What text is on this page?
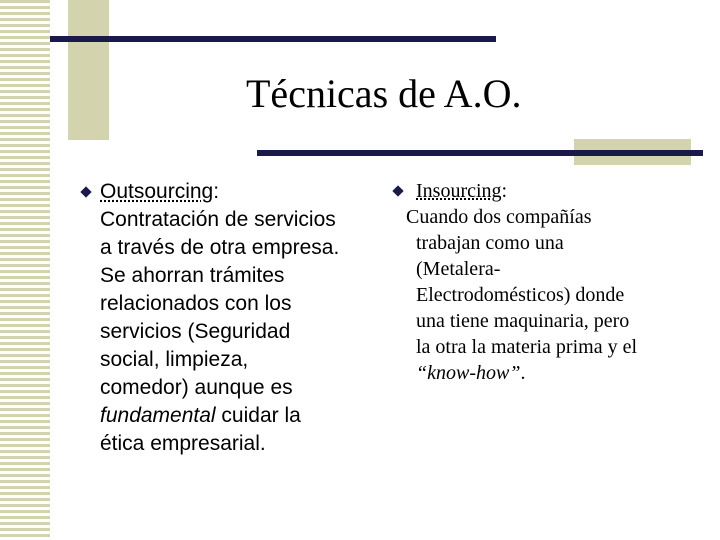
Técnicas de A.O.
Outsourcing:
Contratación de servicios
a través de otra empresa.
Se ahorran trámites
relacionados con los
servicios (Seguridad
social, limpieza,
comedor) aunque es
fundamental cuidar la
ética empresarial.
Insourcing:
Cuando dos compañías
trabajan como una
(Metalera-
Electrodomésticos) donde
una tiene maquinaria, pero
la otra la materia prima y el
“know-how”.
